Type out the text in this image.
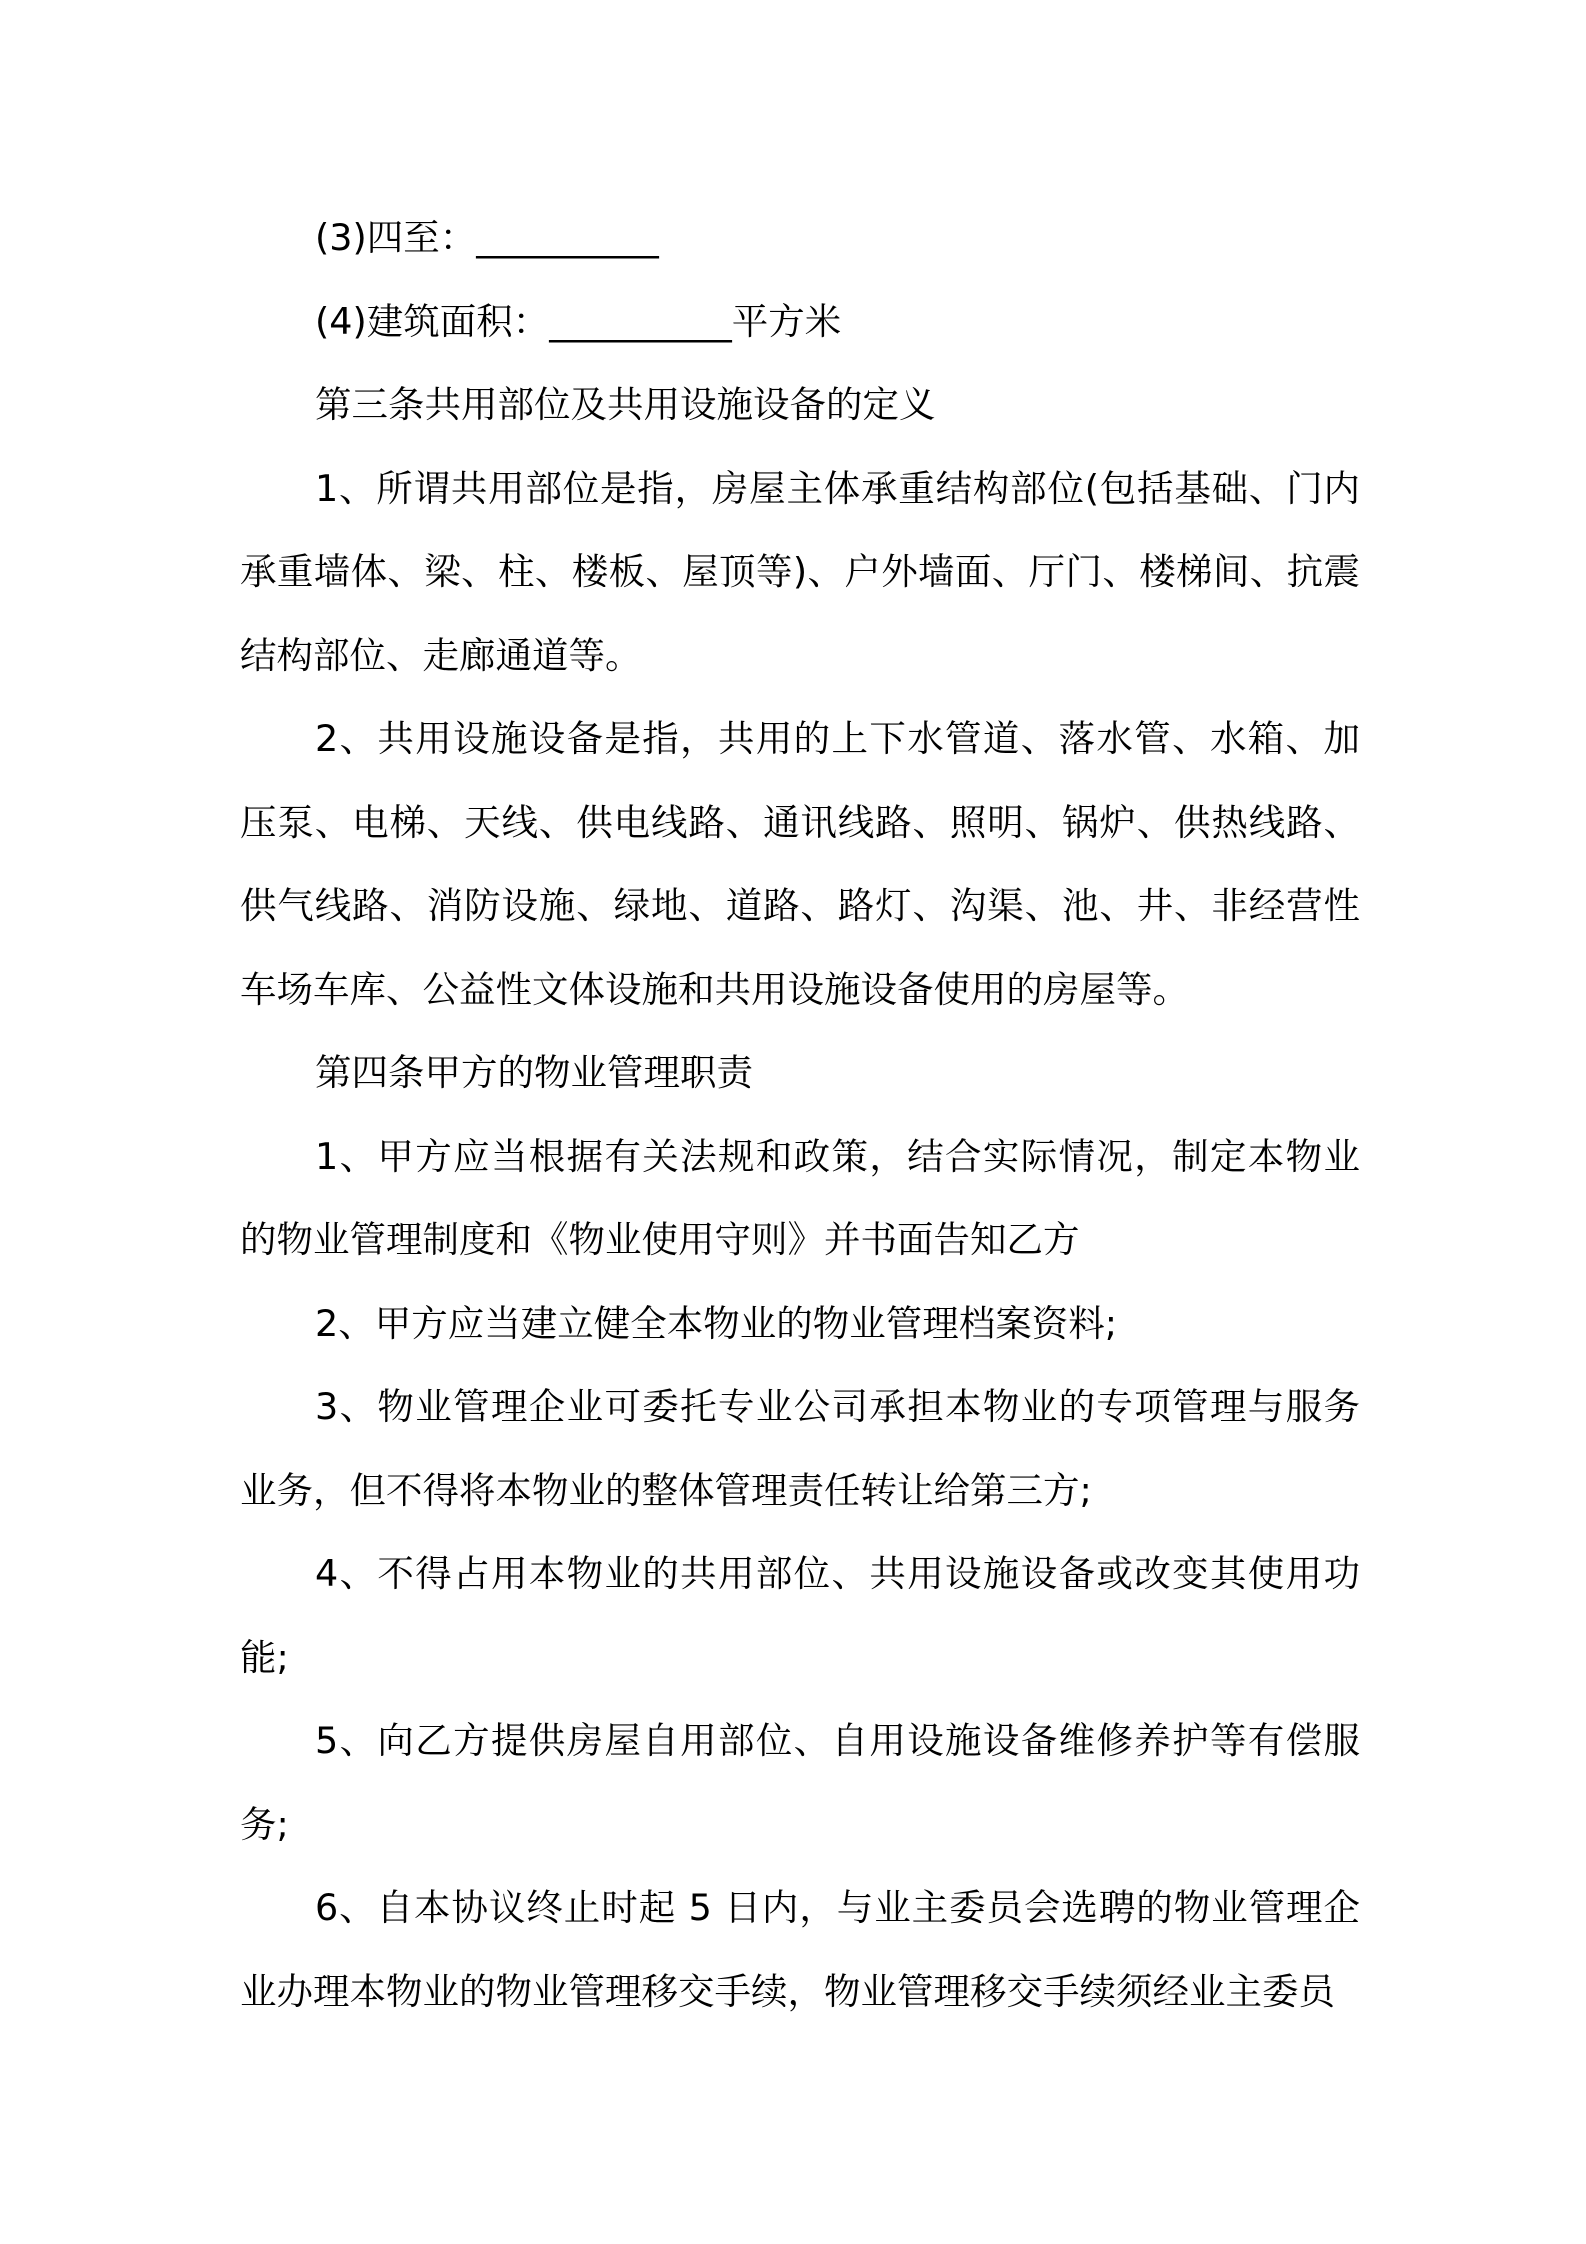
(3)四至：__________

(4)建筑面积：__________平方米

第三条共用部位及共用设施设备的定义

1、所谓共用部位是指，房屋主体承重结构部位(包括基础、门内承重墙体、梁、柱、楼板、屋顶等)、户外墙面、厅门、楼梯间、抗震结构部位、走廊通道等。

2、共用设施设备是指，共用的上下水管道、落水管、水箱、加压泵、电梯、天线、供电线路、通讯线路、照明、锅炉、供热线路、供气线路、消防设施、绿地、道路、路灯、沟渠、池、井、非经营性车场车库、公益性文体设施和共用设施设备使用的房屋等。

第四条甲方的物业管理职责

1、甲方应当根据有关法规和政策，结合实际情况，制定本物业的物业管理制度和《物业使用守则》并书面告知乙方

2、甲方应当建立健全本物业的物业管理档案资料;

3、物业管理企业可委托专业公司承担本物业的专项管理与服务业务，但不得将本物业的整体管理责任转让给第三方;

4、不得占用本物业的共用部位、共用设施设备或改变其使用功能;

5、向乙方提供房屋自用部位、自用设施设备维修养护等有偿服务;

6、自本协议终止时起 5 日内，与业主委员会选聘的物业管理企业办理本物业的物业管理移交手续，物业管理移交手续须经业主委员
